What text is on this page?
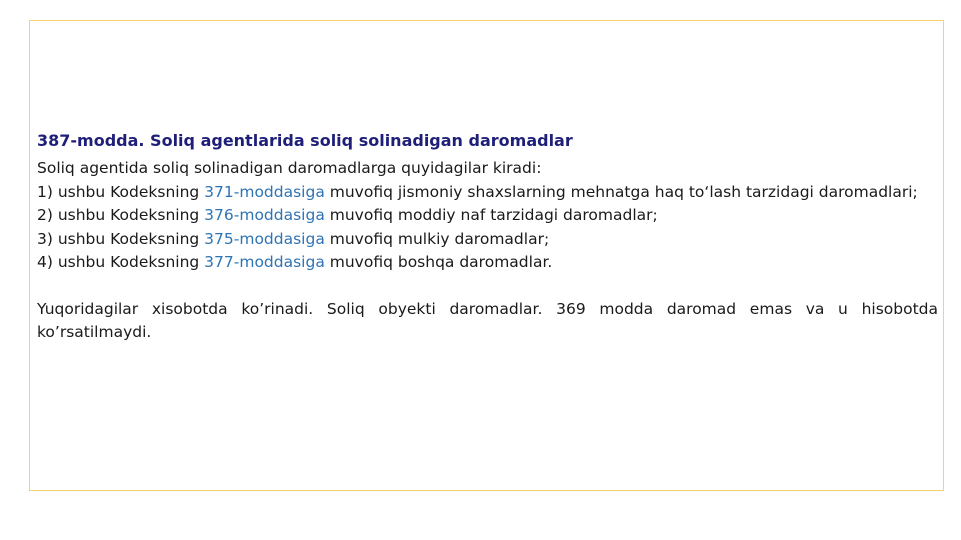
387-modda. Soliq agentlarida soliq solinadigan daromadlar

Soliq agentida soliq solinadigan daromadlarga quyidagilar kiradi:

1) ushbu Kodeksning 371-moddasiga muvofiq jismoniy shaxslarning mehnatga haq to‘lash tarzidagi daromadlari;

2) ushbu Kodeksning 376-moddasiga muvofiq moddiy naf tarzidagi daromadlar;

3) ushbu Kodeksning 375-moddasiga muvofiq mulkiy daromadlar;

4) ushbu Kodeksning 377-moddasiga muvofiq boshqa daromadlar.

Yuqoridagilar xisobotda ko’rinadi. Soliq obyekti daromadlar. 369 modda daromad emas va u hisobotda ko’rsatilmaydi.
